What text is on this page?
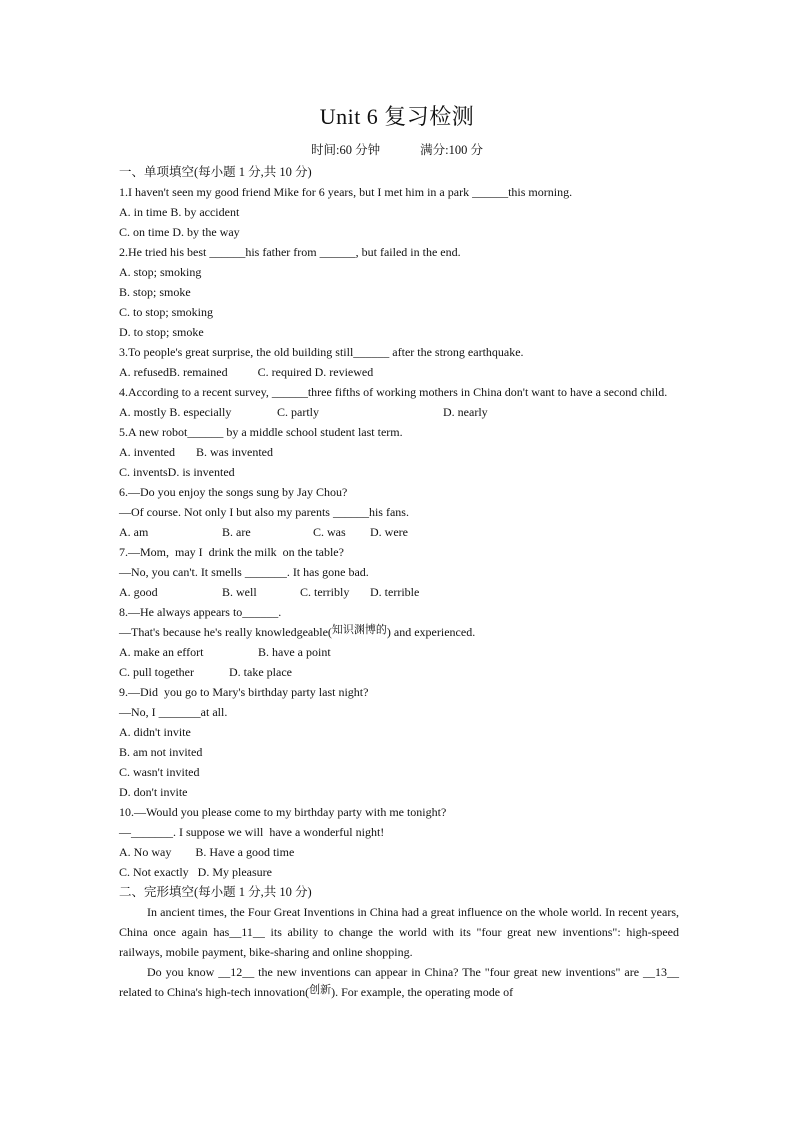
Unit 6 复习检测
时间:60 分钟	满分:100 分
一、单项填空(每小题 1 分,共 10 分)
1.I haven't seen my good friend Mike for 6 years, but I met him in a park ______this morning.
A. in time B. by accident
C. on time D. by the way
2.He tried his best ______his father from ______, but failed in the end.
A. stop; smoking
B. stop; smoke
C. to stop; smoking
D. to stop; smoke
3.To people's great surprise, the old building still______ after the strong earthquake.
A. refusedB. remained          C. required D. reviewed
4.According to a recent survey, ______three fifths of working mothers in China don't want to have a second child.
A. mostly B. especially	C. partly	D. nearly
5.A new robot______ by a middle school student last term.
A. invented       B. was invented
C. inventsD. is invented
6.—Do you enjoy the songs sung by Jay Chou?
—Of course. Not only I but also my parents ______his fans.
A. am	B. are	C. was D. were
7.—Mom,  may I  drink the milk  on the table?
—No, you can't. It smells _______. It has gone bad.
A. good	B. well	C. terribly D. terrible
8.—He always appears to______.
—That's because he's really knowledgeable(知识渊博的) and experienced.
A. make an effort	B. have a point
C. pull together	D. take place
9.—Did  you go to Mary's birthday party last night?
—No, I _______at all.
A. didn't invite
B. am not invited
C. wasn't invited
D. don't invite
10.—Would you please come to my birthday party with me tonight?
—_______. I suppose we will  have a wonderful night!
A. No way        B. Have a good time
C. Not exactly   D. My pleasure
二、完形填空(每小题 1 分,共 10 分)
In ancient times, the Four Great Inventions in China had a great influence on the whole world. In recent years, China once again has__11__ its ability to change the world with its "four great new inventions": high-speed railways, mobile payment, bike-sharing and online shopping.
Do you know __12__ the new inventions can appear in China? The "four great new inventions" are __13__ related to China's high-tech innovation(创新). For example, the operating mode of
